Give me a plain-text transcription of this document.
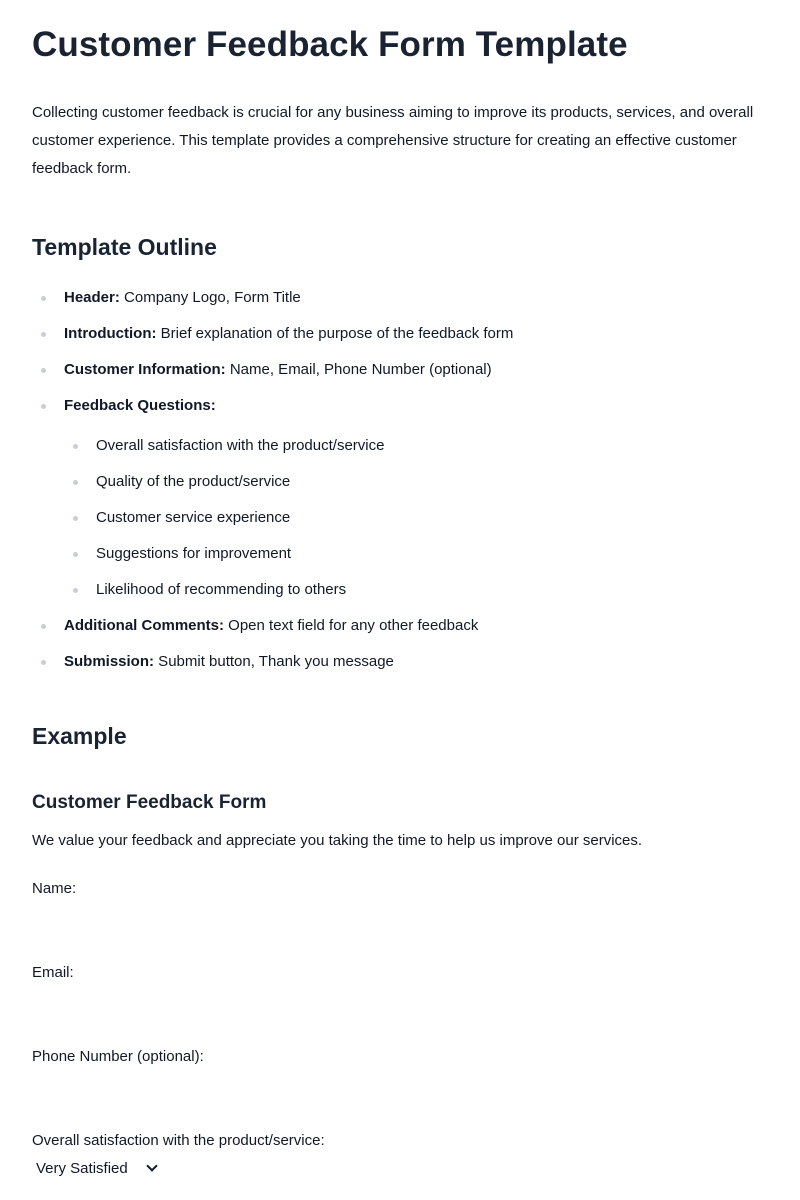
Customer Feedback Form Template

Collecting customer feedback is crucial for any business aiming to improve its products, services, and overall customer experience. This template provides a comprehensive structure for creating an effective customer feedback form.

Template Outline
Header: Company Logo, Form Title
Introduction: Brief explanation of the purpose of the feedback form
Customer Information: Name, Email, Phone Number (optional)
Feedback Questions:
Overall satisfaction with the product/service
Quality of the product/service
Customer service experience
Suggestions for improvement
Likelihood of recommending to others
Additional Comments: Open text field for any other feedback
Submission: Submit button, Thank you message
Example
Customer Feedback Form

We value your feedback and appreciate you taking the time to help us improve our services.

Name:
Email:
Phone Number (optional):
Overall satisfaction with the product/service:
Very Satisfied
